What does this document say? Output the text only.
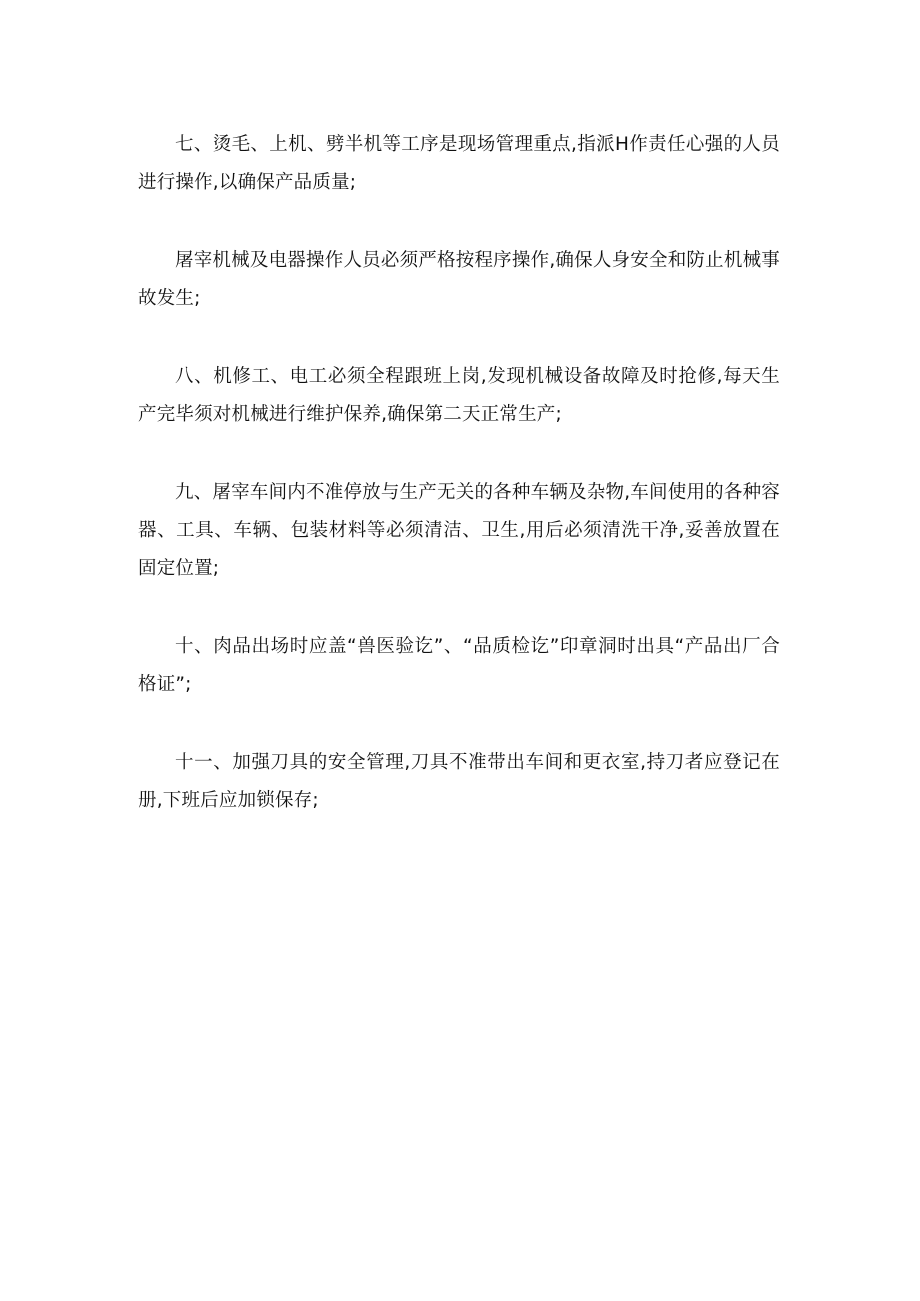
七、烫毛、上机、劈半机等工序是现场管理重点,指派H作责任心强的人员进行操作,以确保产品质量;

屠宰机械及电器操作人员必须严格按程序操作,确保人身安全和防止机械事故发生;

八、机修工、电工必须全程跟班上岗,发现机械设备故障及时抢修,每天生产完毕须对机械进行维护保养,确保第二天正常生产;

九、屠宰车间内不准停放与生产无关的各种车辆及杂物,车间使用的各种容器、工具、车辆、包装材料等必须清洁、卫生,用后必须清洗干净,妥善放置在固定位置;

十、肉品出场时应盖“兽医验讫”、“品质检讫”印章洞时出具“产品出厂合格证”;

十一、加强刀具的安全管理,刀具不准带出车间和更衣室,持刀者应登记在册,下班后应加锁保存;
